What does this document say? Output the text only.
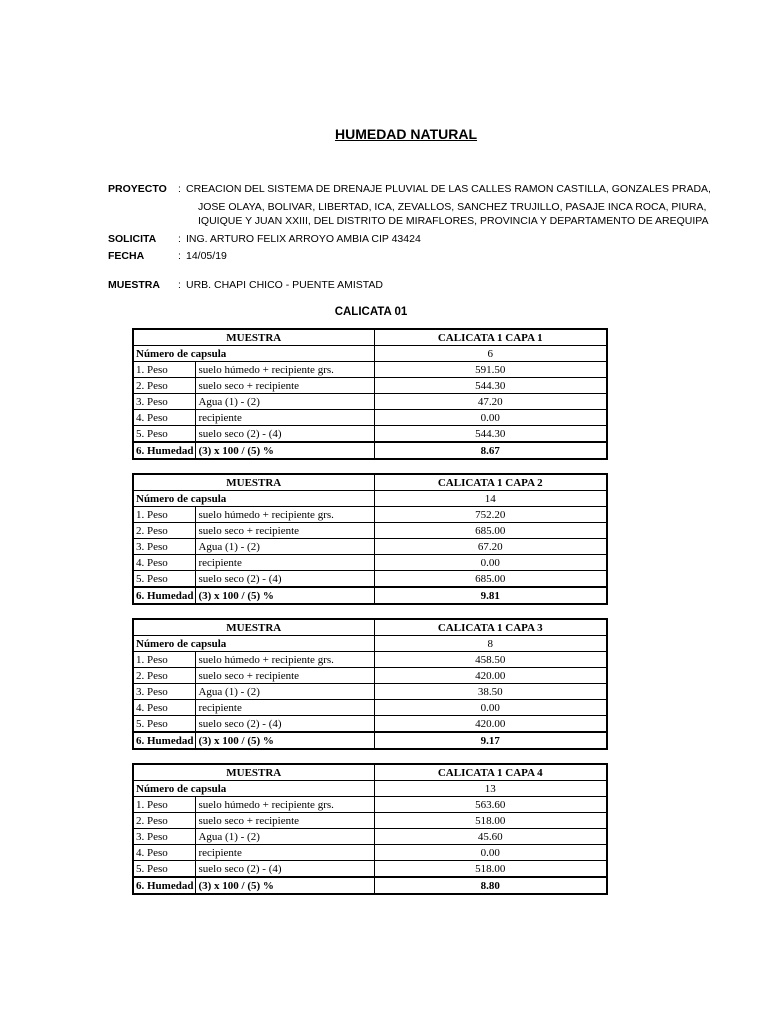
HUMEDAD NATURAL
PROYECTO	: CREACION DEL SISTEMA DE DRENAJE PLUVIAL DE LAS CALLES RAMON CASTILLA, GONZALES PRADA,
JOSE OLAYA, BOLIVAR, LIBERTAD, ICA, ZEVALLOS, SANCHEZ TRUJILLO, PASAJE INCA ROCA, PIURA,
IQUIQUE Y JUAN XXIII, DEL DISTRITO DE MIRAFLORES, PROVINCIA Y DEPARTAMENTO DE AREQUIPA
SOLICITA	: ING. ARTURO FELIX ARROYO AMBIA CIP 43424
FECHA	: 14/05/19
MUESTRA	: URB. CHAPI CHICO - PUENTE AMISTAD
CALICATA 01
MUESTRA		CALICATA 1 CAPA 1
Número de capsula		6
1. Peso	suelo húmedo + recipiente grs.	591.50
2. Peso	suelo seco + recipiente	544.30
3. Peso	Agua (1) - (2)	47.20
4. Peso	recipiente	0.00
5. Peso	suelo seco (2) - (4)	544.30
6. Humedad	(3) x 100 / (5) %	8.67
MUESTRA		CALICATA 1 CAPA 2
Número de capsula		14
1. Peso	suelo húmedo + recipiente grs.	752.20
2. Peso	suelo seco + recipiente	685.00
3. Peso	Agua (1) - (2)	67.20
4. Peso	recipiente	0.00
5. Peso	suelo seco (2) - (4)	685.00
6. Humedad	(3) x 100 / (5) %	9.81
MUESTRA		CALICATA 1 CAPA 3
Número de capsula		8
1. Peso	suelo húmedo + recipiente grs.	458.50
2. Peso	suelo seco + recipiente	420.00
3. Peso	Agua (1) - (2)	38.50
4. Peso	recipiente	0.00
5. Peso	suelo seco (2) - (4)	420.00
6. Humedad	(3) x 100 / (5) %	9.17
MUESTRA		CALICATA 1 CAPA 4
Número de capsula		13
1. Peso	suelo húmedo + recipiente grs.	563.60
2. Peso	suelo seco + recipiente	518.00
3. Peso	Agua (1) - (2)	45.60
4. Peso	recipiente	0.00
5. Peso	suelo seco (2) - (4)	518.00
6. Humedad	(3) x 100 / (5) %	8.80
